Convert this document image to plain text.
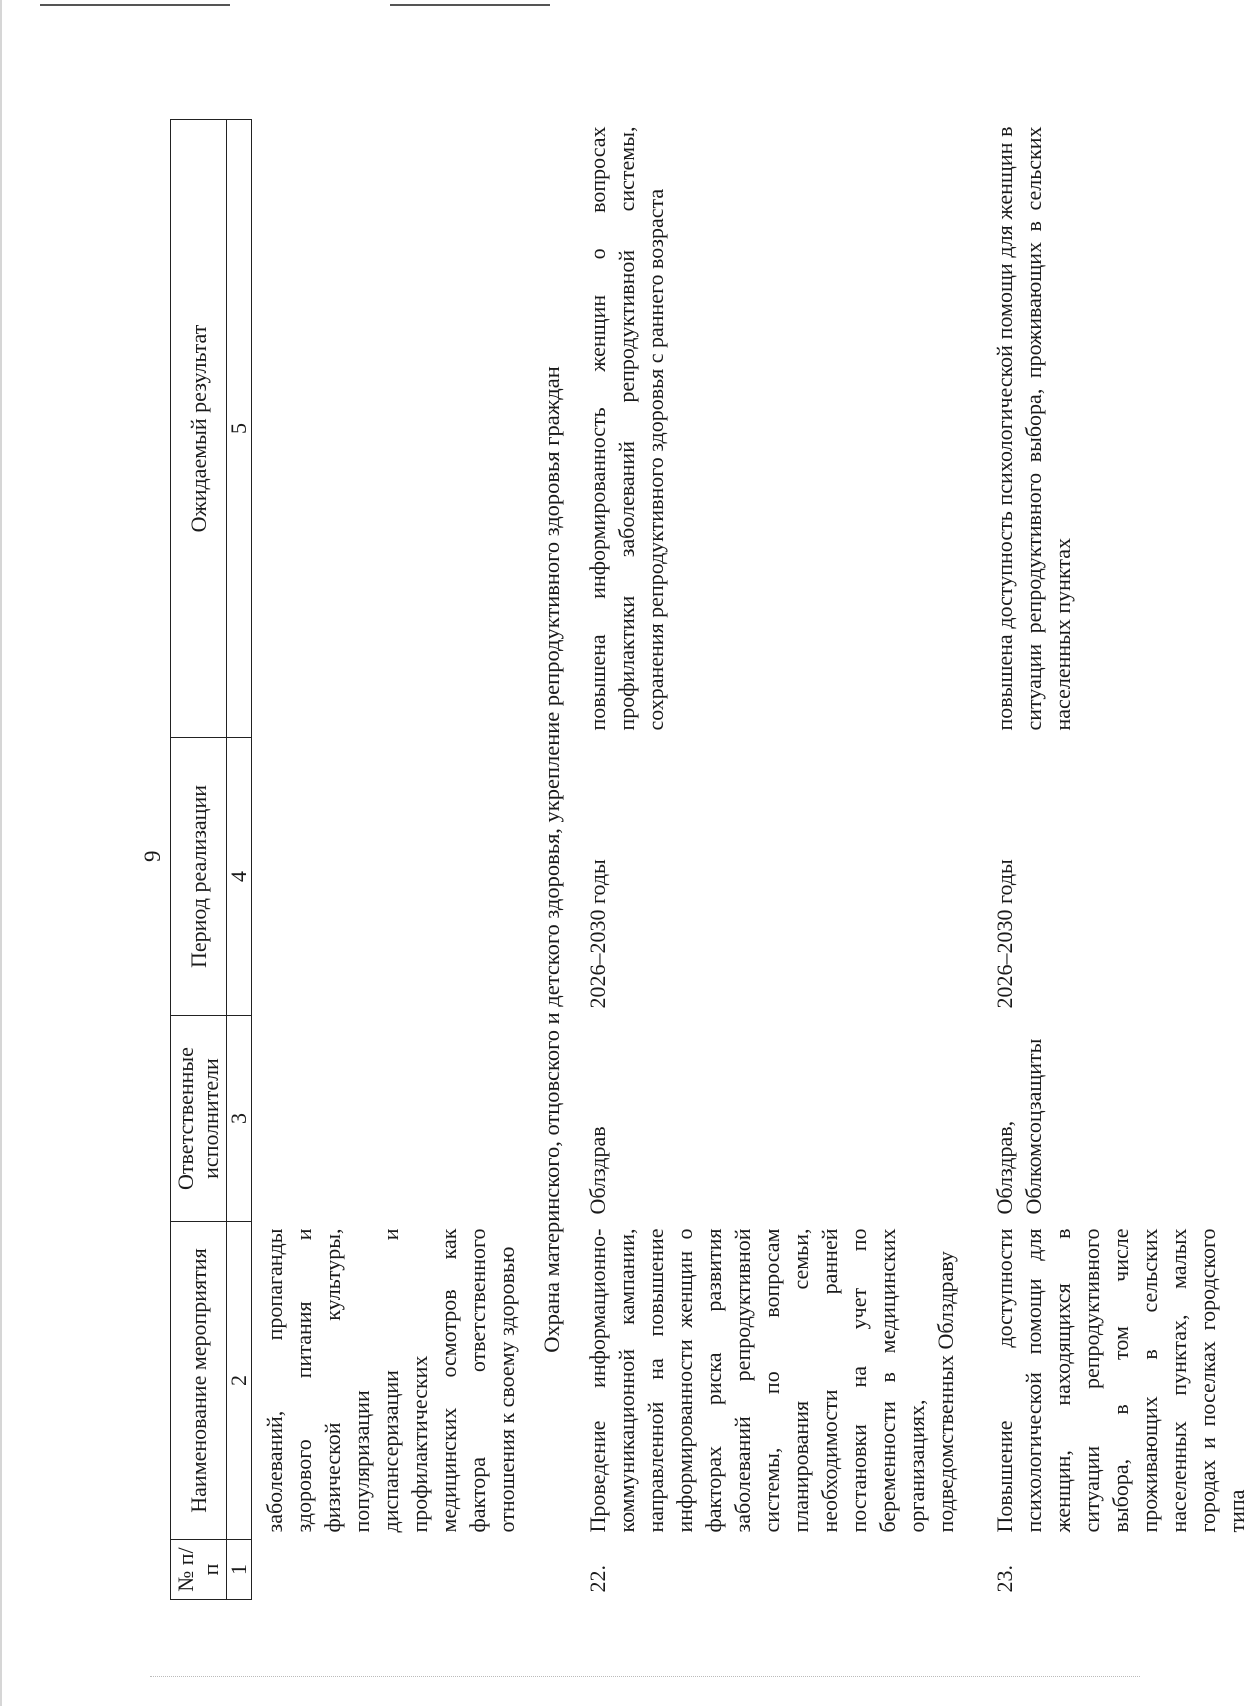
9
№ п/п	Наименование мероприятия	Ответственные исполнители	Период реализации	Ожидаемый результат
1	2	3	4	5
	заболеваний, пропаганды здорового питания и физической культуры, популяризации диспансеризации и профилактических медицинских осмотров как фактора ответственного отношения к своему здоровью			
Охрана материнского, отцовского и детского здоровья, укрепление репродуктивного здоровья граждан				
22.	Проведение информационно-коммуникационной кампании, направленной на повышение информированности женщин о факторах риска развития заболеваний репродуктивной системы, по вопросам планирования семьи, необходимости ранней постановки на учет по беременности в медицинских организациях, подведомственных Облздраву	Облздрав	2026–2030 годы	повышена информированность женщин о вопросах профилактики заболеваний репродуктивной системы, сохранения репродуктивного здоровья с раннего возраста
23.	Повышение доступности психологической помощи для женщин, находящихся в ситуации репродуктивного выбора, в том числе проживающих в сельских населенных пунктах, малых городах и поселках городского типа	Облздрав, Облкомсоцзащиты	2026–2030 годы	повышена доступность психологической помощи для женщин в ситуации репродуктивного выбора, проживающих в сельских населенных пунктах
